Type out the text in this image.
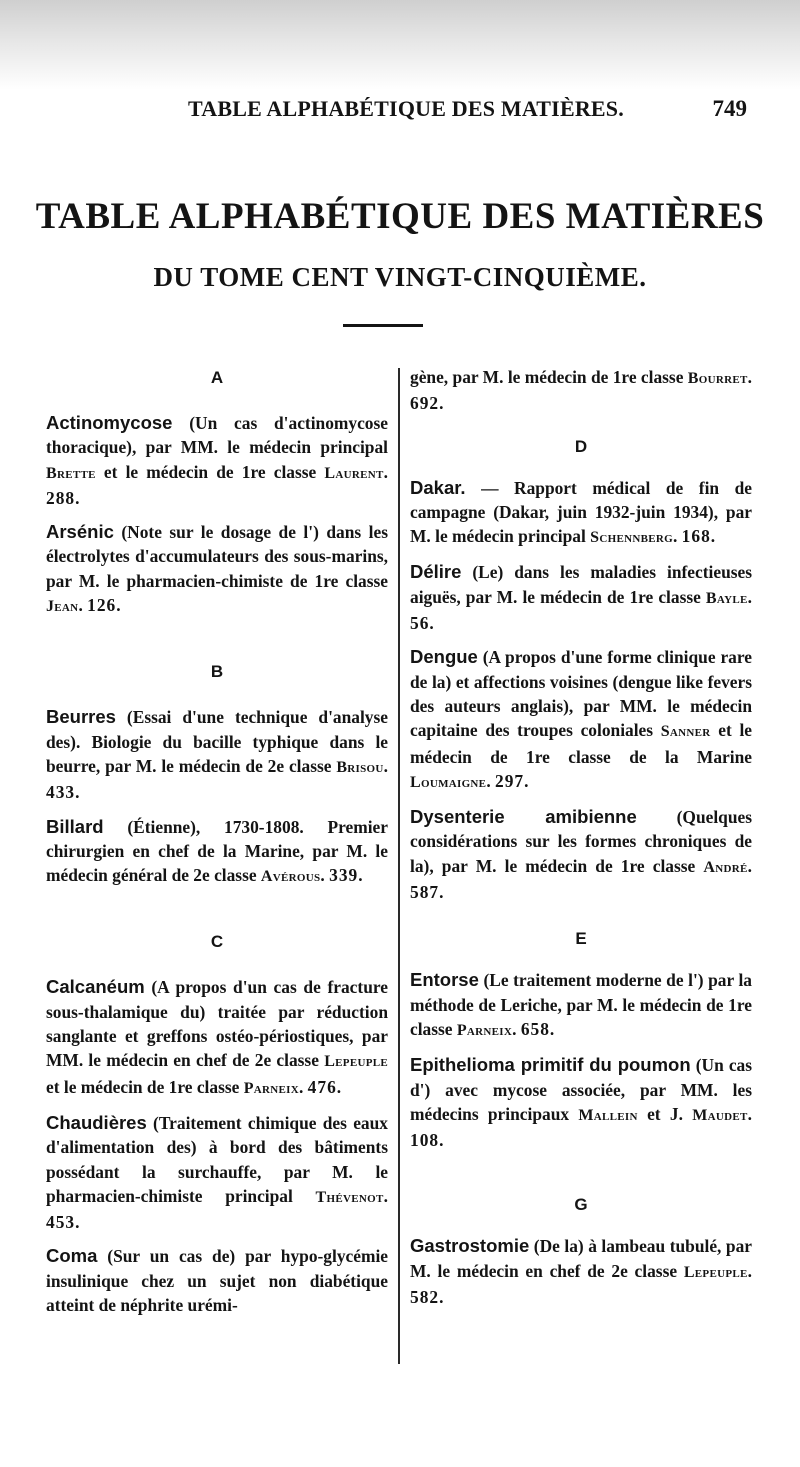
TABLE ALPHABÉTIQUE DES MATIÈRES.	749
TABLE ALPHABÉTIQUE DES MATIÈRES
DU TOME CENT VINGT-CINQUIÈME.
A
Actinomycose (Un cas d'actinomycose thoracique), par MM. le médecin principal Brette et le médecin de 1re classe Laurent. 288.
Arsénic (Note sur le dosage de l') dans les électrolytes d'accumulateurs des sous-marins, par M. le pharmacien-chimiste de 1re classe Jean. 126.
B
Beurres (Essai d'une technique d'analyse des). Biologie du bacille typhique dans le beurre, par M. le médecin de 2e classe Brisou. 433.
Billard (Étienne), 1730-1808. Premier chirurgien en chef de la Marine, par M. le médecin général de 2e classe Avérous. 339.
C
Calcanéum (A propos d'un cas de fracture sous-thalamique du) traitée par réduction sanglante et greffons ostéo-périostiques, par MM. le médecin en chef de 2e classe Lepeuple et le médecin de 1re classe Parneix. 476.
Chaudières (Traitement chimique des eaux d'alimentation des) à bord des bâtiments possédant la surchauffe, par M. le pharmacien-chimiste principal Thévenot. 453.
Coma (Sur un cas de) par hypo-glycémie insulinique chez un sujet non diabétique atteint de néphrite urémi-
gène, par M. le médecin de 1re classe Bourret. 692.
D
Dakar. — Rapport médical de fin de campagne (Dakar, juin 1932-juin 1934), par M. le médecin principal Schennberg. 168.
Délire (Le) dans les maladies infectieuses aiguës, par M. le médecin de 1re classe Bayle. 56.
Dengue (A propos d'une forme clinique rare de la) et affections voisines (dengue like fevers des auteurs anglais), par MM. le médecin capitaine des troupes coloniales Sanner et le médecin de 1re classe de la Marine Loumaigne. 297.
Dysenterie amibienne (Quelques considérations sur les formes chroniques de la), par M. le médecin de 1re classe André. 587.
E
Entorse (Le traitement moderne de l') par la méthode de Leriche, par M. le médecin de 1re classe Parneix. 658.
Epithelioma primitif du poumon (Un cas d') avec mycose associée, par MM. les médecins principaux Mallein et J. Maudet. 108.
G
Gastrostomie (De la) à lambeau tubulé, par M. le médecin en chef de 2e classe Lepeuple. 582.
